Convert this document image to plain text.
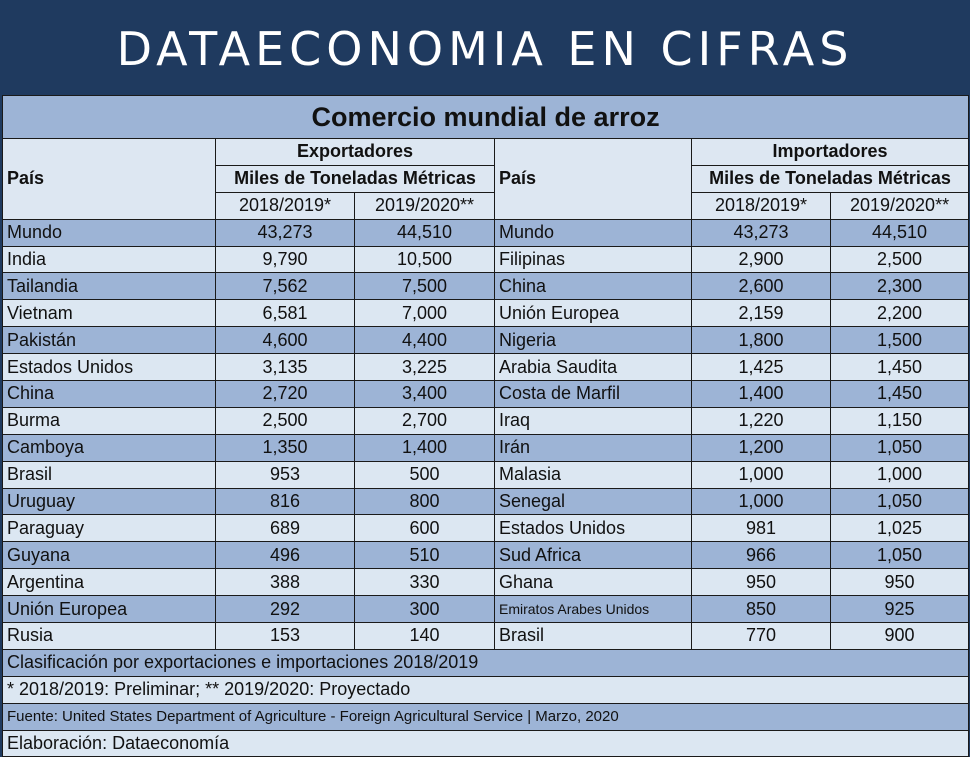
DATAECONOMIA EN CIFRAS
Comercio mundial de arroz					
País	Exportadores		País	Importadores	
	Miles de Toneladas Métricas			Miles de Toneladas Métricas	
	2018/2019*	2019/2020**		2018/2019*	2019/2020**
Mundo	43,273	44,510	Mundo	43,273	44,510
India	9,790	10,500	Filipinas	2,900	2,500
Tailandia	7,562	7,500	China	2,600	2,300
Vietnam	6,581	7,000	Unión Europea	2,159	2,200
Pakistán	4,600	4,400	Nigeria	1,800	1,500
Estados Unidos	3,135	3,225	Arabia Saudita	1,425	1,450
China	2,720	3,400	Costa de Marfil	1,400	1,450
Burma	2,500	2,700	Iraq	1,220	1,150
Camboya	1,350	1,400	Irán	1,200	1,050
Brasil	953	500	Malasia	1,000	1,000
Uruguay	816	800	Senegal	1,000	1,050
Paraguay	689	600	Estados Unidos	981	1,025
Guyana	496	510	Sud Africa	966	1,050
Argentina	388	330	Ghana	950	950
Unión Europea	292	300	Emiratos Arabes Unidos	850	925
Rusia	153	140	Brasil	770	900
Clasificación por exportaciones e importaciones 2018/2019					
* 2018/2019: Preliminar; ** 2019/2020: Proyectado					
Fuente: United States Department of Agriculture - Foreign Agricultural Service | Marzo, 2020					
Elaboración: Dataeconomía					
